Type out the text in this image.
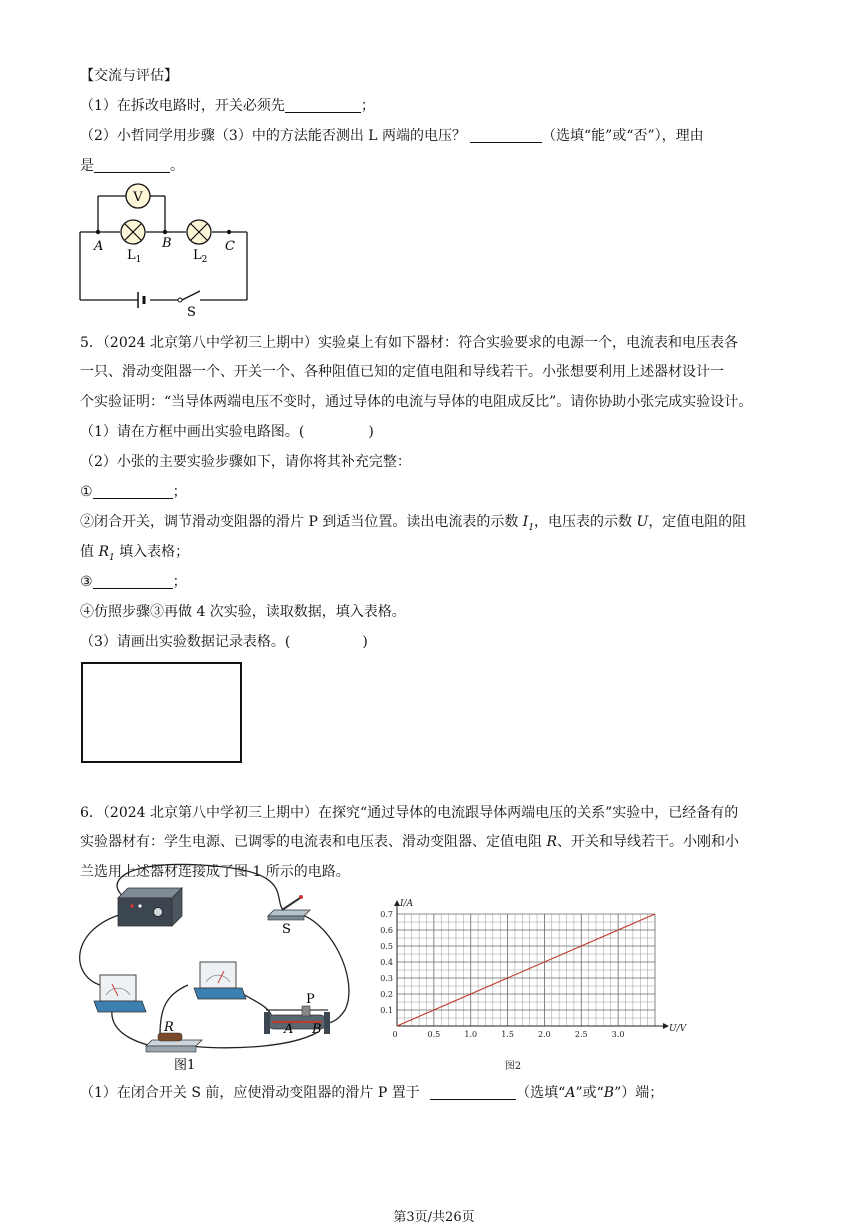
【交流与评估】
（1）在拆改电路时，开关必须先	；
（2）小哲同学用步骤（3）中的方法能否测出 L 两端的电压？	（选填“能”或“否”），理由
是	。
V
A	B	C
$L_1$	$L_2$
S
5．（2024 北京第八中学初三上期中）实验桌上有如下器材：符合实验要求的电源一个，电流表和电压表各
一只、滑动变阻器一个、开关一个、各种阻值已知的定值电阻和导线若干。小张想要利用上述器材设计一
个实验证明：“当导体两端电压不变时，通过导体的电流与导体的电阻成反比”。请你协助小张完成实验设计。
（1）请在方框中画出实验电路图。(	)
（2）小张的主要实验步骤如下，请你将其补充完整：
①	；
②闭合开关，调节滑动变阻器的滑片 P 到适当位置。读出电流表的示数 $I_1$，电压表的示数 U，定值电阻的阻
值 $R_1$ 填入表格；
③	；
④仿照步骤③再做 4 次实验，读取数据，填入表格。
（3）请画出实验数据记录表格。(	)
6．（2024 北京第八中学初三上期中）在探究“通过导体的电流跟导体两端电压的关系”实验中，已经备有的
实验器材有：学生电源、已调零的电流表和电压表、滑动变阻器、定值电阻 R、开关和导线若干。小刚和小
兰选用上述器材连接成了图 1 所示的电路。
S
R
P
A B
图1
0	0.5	1.0	1.5	2.0	2.5	3.0
0.1
0.2
0.3
0.4
0.5
0.6
0.7
U/V
I/A
图2
（1）在闭合开关 S 前，应使滑动变阻器的滑片 P 置于	（选填“A”或“B”）端；
第3页/共26页
